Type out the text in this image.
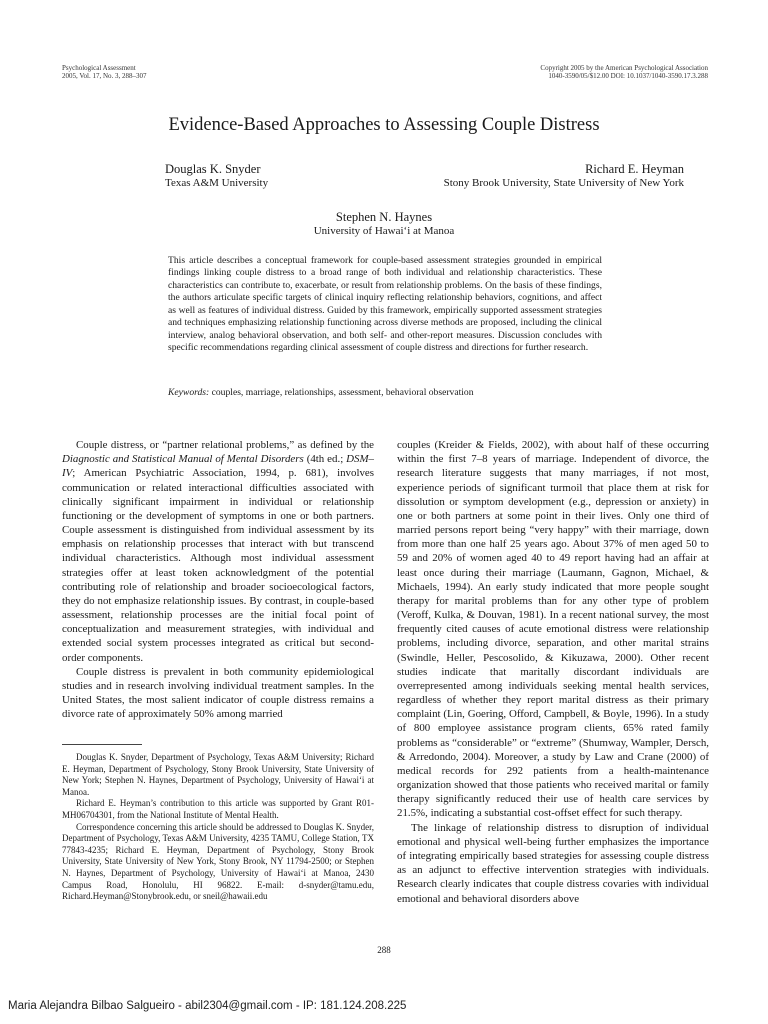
Psychological Assessment
2005, Vol. 17, No. 3, 288–307
Copyright 2005 by the American Psychological Association
1040-3590/05/$12.00 DOI: 10.1037/1040-3590.17.3.288
Evidence-Based Approaches to Assessing Couple Distress
Douglas K. Snyder
Texas A&M University
Richard E. Heyman
Stony Brook University, State University of New York
Stephen N. Haynes
University of Hawai‘i at Manoa
This article describes a conceptual framework for couple-based assessment strategies grounded in empirical findings linking couple distress to a broad range of both individual and relationship characteristics. These characteristics can contribute to, exacerbate, or result from relationship problems. On the basis of these findings, the authors articulate specific targets of clinical inquiry reflecting relationship behaviors, cognitions, and affect as well as features of individual distress. Guided by this framework, empirically supported assessment strategies and techniques emphasizing relationship functioning across diverse methods are proposed, including the clinical interview, analog behavioral observation, and both self- and other-report measures. Discussion concludes with specific recommendations regarding clinical assessment of couple distress and directions for further research.
Keywords: couples, marriage, relationships, assessment, behavioral observation

Couple distress, or “partner relational problems,” as defined by the Diagnostic and Statistical Manual of Mental Disorders (4th ed.; DSM–IV; American Psychiatric Association, 1994, p. 681), involves communication or related interactional difficulties associated with clinically significant impairment in individual or relationship functioning or the development of symptoms in one or both partners. Couple assessment is distinguished from individual assessment by its emphasis on relationship processes that interact with but transcend individual characteristics. Although most individual assessment strategies offer at least token acknowledgment of the potential contributing role of relationship and broader socioecological factors, they do not emphasize relationship issues. By contrast, in couple-based assessment, relationship processes are the initial focal point of conceptualization and measurement strategies, with individual and extended social system processes integrated as critical but second-order components.

Couple distress is prevalent in both community epidemiological studies and in research involving individual treatment samples. In the United States, the most salient indicator of couple distress remains a divorce rate of approximately 50% among married

Douglas K. Snyder, Department of Psychology, Texas A&M University; Richard E. Heyman, Department of Psychology, Stony Brook University, State University of New York; Stephen N. Haynes, Department of Psychology, University of Hawai‘i at Manoa.

Richard E. Heyman’s contribution to this article was supported by Grant R01-MH06704301, from the National Institute of Mental Health.

Correspondence concerning this article should be addressed to Douglas K. Snyder, Department of Psychology, Texas A&M University, 4235 TAMU, College Station, TX 77843-4235; Richard E. Heyman, Department of Psychology, Stony Brook University, State University of New York, Stony Brook, NY 11794-2500; or Stephen N. Haynes, Department of Psychology, University of Hawai‘i at Manoa, 2430 Campus Road, Honolulu, HI 96822. E-mail: d-snyder@tamu.edu, Richard.Heyman@Stonybrook.edu, or sneil@hawaii.edu

couples (Kreider & Fields, 2002), with about half of these occurring within the first 7–8 years of marriage. Independent of divorce, the research literature suggests that many marriages, if not most, experience periods of significant turmoil that place them at risk for dissolution or symptom development (e.g., depression or anxiety) in one or both partners at some point in their lives. Only one third of married persons report being “very happy” with their marriage, down from more than one half 25 years ago. About 37% of men aged 50 to 59 and 20% of women aged 40 to 49 report having had an affair at least once during their marriage (Laumann, Gagnon, Michael, & Michaels, 1994). An early study indicated that more people sought therapy for marital problems than for any other type of problem (Veroff, Kulka, & Douvan, 1981). In a recent national survey, the most frequently cited causes of acute emotional distress were relationship problems, including divorce, separation, and other marital strains (Swindle, Heller, Pescosolido, & Kikuzawa, 2000). Other recent studies indicate that maritally discordant individuals are overrepresented among individuals seeking mental health services, regardless of whether they report marital distress as their primary complaint (Lin, Goering, Offord, Campbell, & Boyle, 1996). In a study of 800 employee assistance program clients, 65% rated family problems as “considerable” or “extreme” (Shumway, Wampler, Dersch, & Arredondo, 2004). Moreover, a study by Law and Crane (2000) of medical records for 292 patients from a health-maintenance organization showed that those patients who received marital or family therapy significantly reduced their use of health care services by 21.5%, indicating a substantial cost-offset effect for such therapy.

The linkage of relationship distress to disruption of individual emotional and physical well-being further emphasizes the importance of integrating empirically based strategies for assessing couple distress as an adjunct to effective intervention strategies with individuals. Research clearly indicates that couple distress covaries with individual emotional and behavioral disorders above

288
Maria Alejandra Bilbao Salgueiro - abil2304@gmail.com - IP: 181.124.208.225
